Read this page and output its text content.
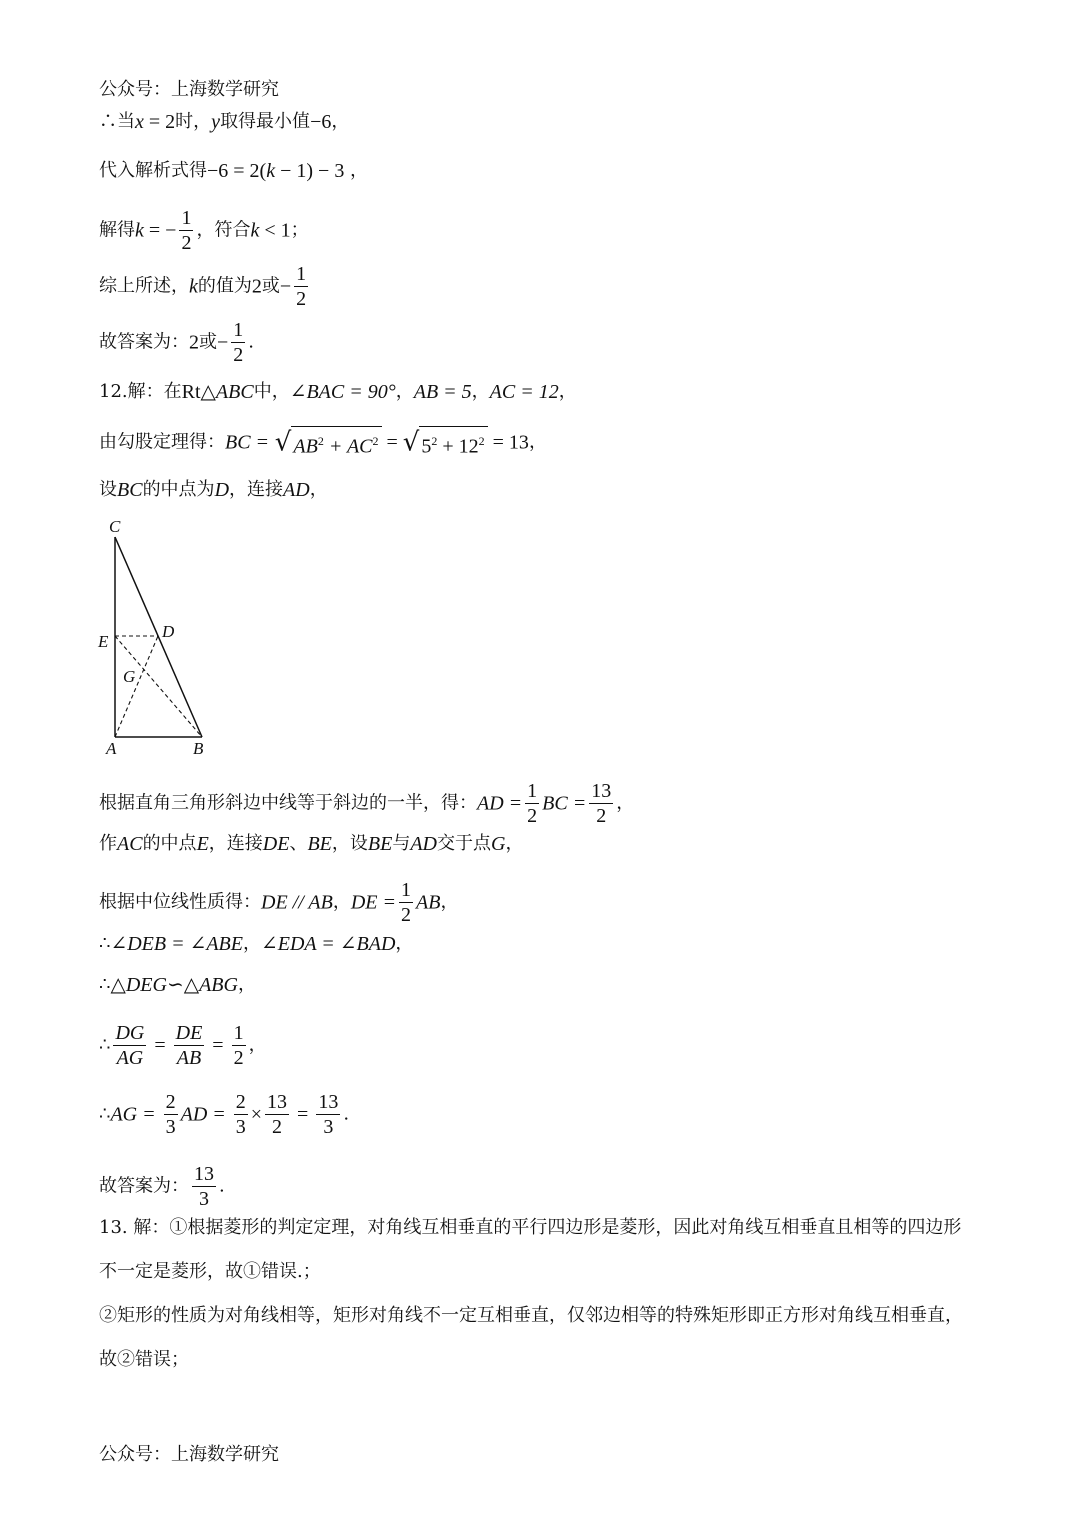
公众号：上海数学研究
∴当x = 2时，y取得最小值−6，
代入解析式得−6 = 2(k − 1) − 3 ，
解得k = − $\frac{1}{2}$ ，符合k < 1；
综上所述，k的值为2或− $\frac{1}{2}$
故答案为：2或− $\frac{1}{2}$ .
12.解：在Rt△ABC中，∠BAC = 90°，AB = 5，AC = 12，
由勾股定理得：BC = √ $AB^2 + AC^2$ = √ $5^2 + 12^2 = 13$，
设BC的中点为D，连接AD，
C
D
E
G
A	B
根据直角三角形斜边中线等于斜边的一半，得：AD = $\frac{1}{2}$ BC = $\frac{13}{2}$ ，
作AC的中点E，连接DE、BE，设BE与AD交于点G，
根据中位线性质得：DE // AB，DE = $\frac{1}{2}$ AB，
∴∠DEB = ∠ABE，∠EDA = ∠BAD，
∴△DEG∽△ABG，
∴ $\frac{DG}{AG} = \frac{DE}{AB} = \frac{1}{2}$ ，
∴AG = $\frac{2}{3}$ AD = $\frac{2}{3} \times \frac{13}{2} = \frac{13}{3}$ .
故答案为： $\frac{13}{3}$ .
13. 解：①根据菱形的判定定理，对角线互相垂直的平行四边形是菱形，因此对角线互相垂直且相等的四边形不一定是菱形，故①错误.；
②矩形的性质为对角线相等，矩形对角线不一定互相垂直，仅邻边相等的特殊矩形即正方形对角线互相垂直，故②错误；
公众号：上海数学研究
